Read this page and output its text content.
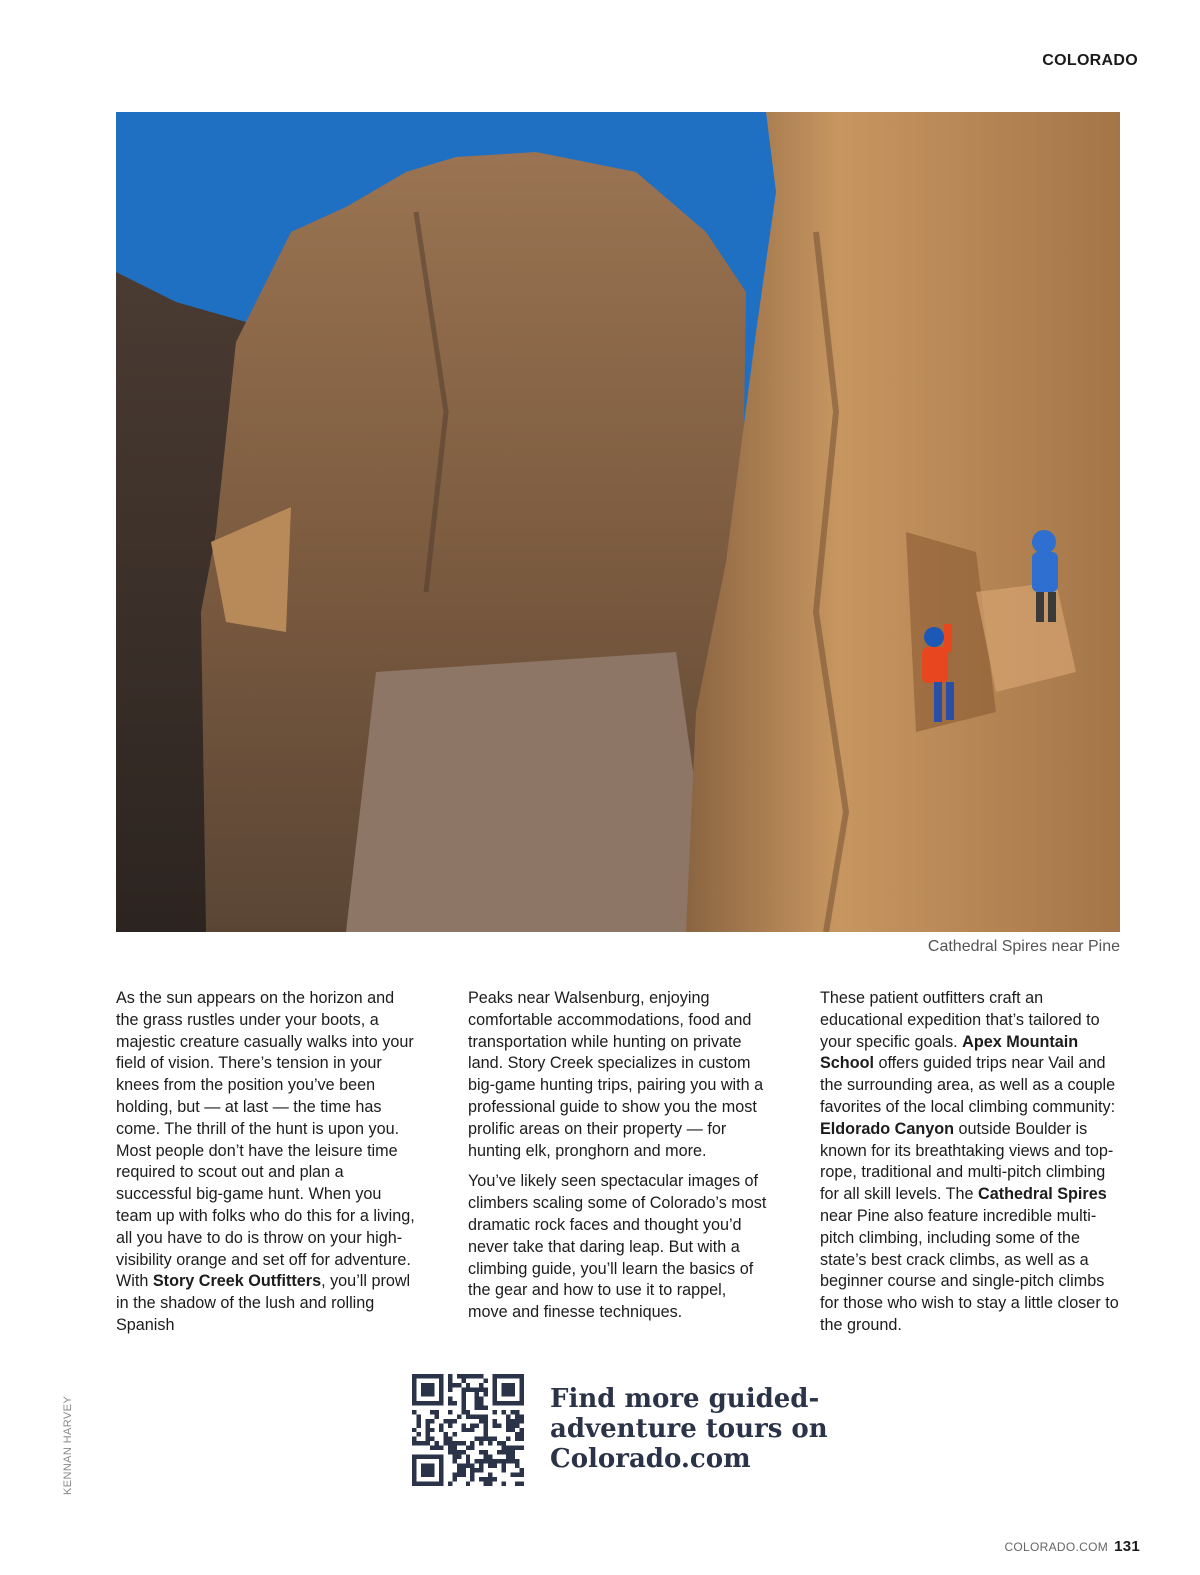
COLORADO
Cathedral Spires near Pine

As the sun appears on the horizon and the grass rustles under your boots, a majestic creature casually walks into your field of vision. There’s tension in your knees from the position you’ve been holding, but — at last — the time has come. The thrill of the hunt is upon you. Most people don’t have the leisure time required to scout out and plan a successful big-game hunt. When you team up with folks who do this for a living, all you have to do is throw on your high-visibility orange and set off for adventure. With Story Creek Outfitters, you’ll prowl in the shadow of the lush and rolling Spanish

Peaks near Walsenburg, enjoying comfortable accommodations, food and transportation while hunting on private land. Story Creek specializes in custom big-game hunting trips, pairing you with a professional guide to show you the most prolific areas on their property — for hunting elk, pronghorn and more.

You’ve likely seen spectacular images of climbers scaling some of Colorado’s most dramatic rock faces and thought you’d never take that daring leap. But with a climbing guide, you’ll learn the basics of the gear and how to use it to rappel, move and finesse techniques.

These patient outfitters craft an educational expedition that’s tailored to your specific goals. Apex Mountain School offers guided trips near Vail and the surrounding area, as well as a couple favorites of the local climbing community: Eldorado Canyon outside Boulder is known for its breathtaking views and top-rope, traditional and multi-pitch climbing for all skill levels. The Cathedral Spires near Pine also feature incredible multi-pitch climbing, including some of the state’s best crack climbs, as well as a beginner course and single-pitch climbs for those who wish to stay a little closer to the ground.

KENNAN HARVEY	Find more guided-
adventure tours on
Colorado.com
COLORADO.COM 131
